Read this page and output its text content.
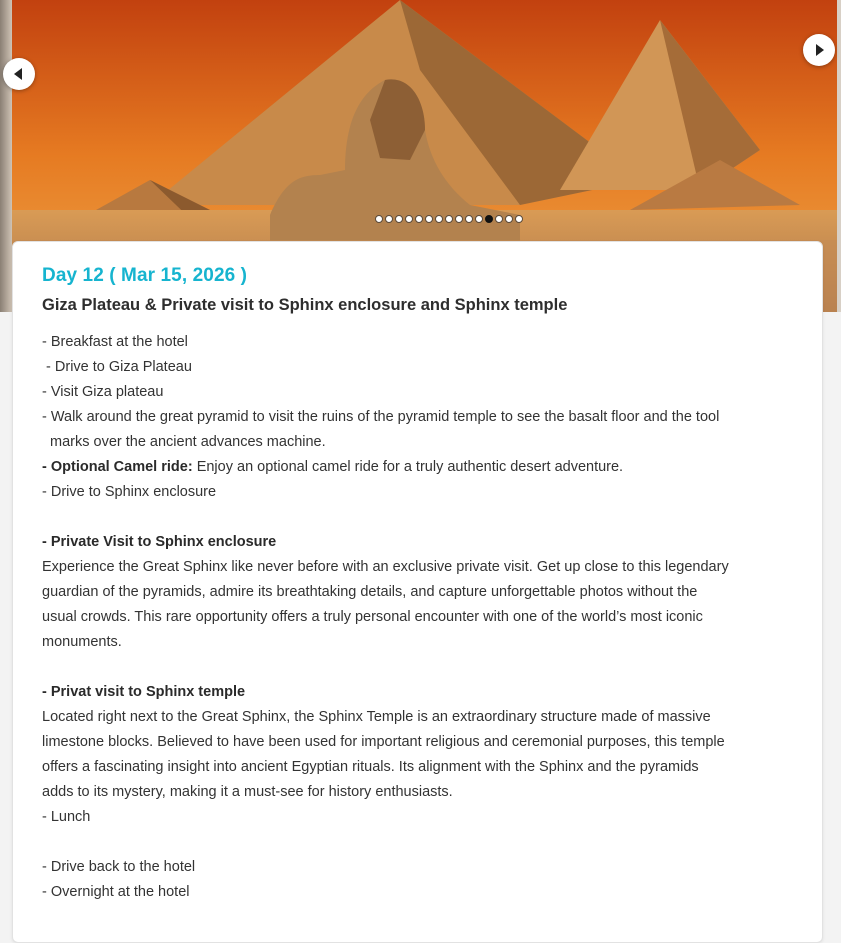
Day 12 ( Mar 15, 2026 )
Giza Plateau & Private visit to Sphinx enclosure and Sphinx temple
- Breakfast at the hotel
- Drive to Giza Plateau
- Visit Giza plateau
- Walk around the great pyramid to visit the ruins of the pyramid temple to see the basalt floor and the tool
marks over the ancient advances machine.
- Optional Camel ride: Enjoy an optional camel ride for a truly authentic desert adventure.
- Drive to Sphinx enclosure
- Private Visit to Sphinx enclosure
Experience the Great Sphinx like never before with an exclusive private visit. Get up close to this legendary
guardian of the pyramids, admire its breathtaking details, and capture unforgettable photos without the
usual crowds. This rare opportunity offers a truly personal encounter with one of the world’s most iconic
monuments.
- Privat visit to Sphinx temple
Located right next to the Great Sphinx, the Sphinx Temple is an extraordinary structure made of massive
limestone blocks. Believed to have been used for important religious and ceremonial purposes, this temple
offers a fascinating insight into ancient Egyptian rituals. Its alignment with the Sphinx and the pyramids
adds to its mystery, making it a must-see for history enthusiasts.
- Lunch
- Drive back to the hotel
- Overnight at the hotel
